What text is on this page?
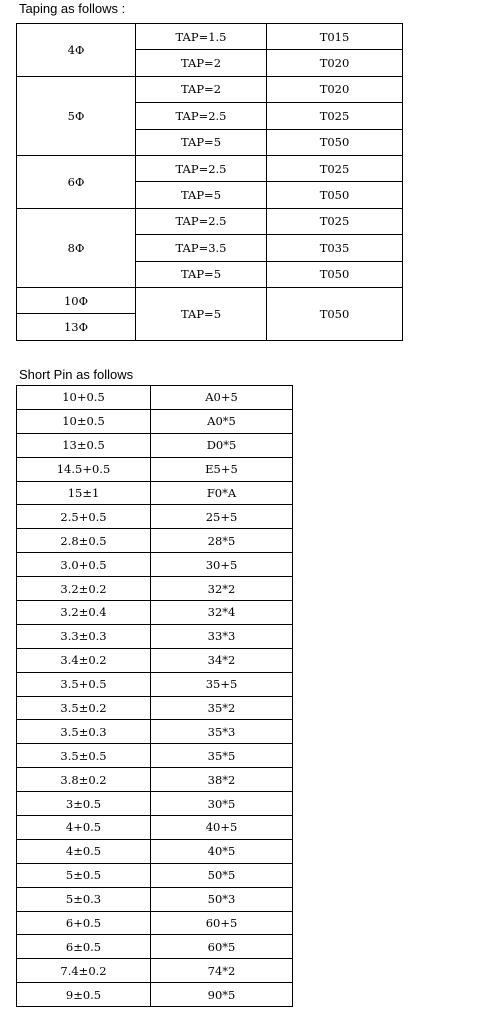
Taping as follows :
4Φ	TAP=1.5	T015
	TAP=2	T020
5Φ	TAP=2	T020
	TAP=2.5	T025
	TAP=5	T050
6Φ	TAP=2.5	T025
	TAP=5	T050
8Φ	TAP=2.5	T025
	TAP=3.5	T035
	TAP=5	T050
10Φ	TAP=5	T050
13Φ		
Short Pin as follows
10+0.5	A0+5
10±0.5	A0*5
13±0.5	D0*5
14.5+0.5	E5+5
15±1	F0*A
2.5+0.5	25+5
2.8±0.5	28*5
3.0+0.5	30+5
3.2±0.2	32*2
3.2±0.4	32*4
3.3±0.3	33*3
3.4±0.2	34*2
3.5+0.5	35+5
3.5±0.2	35*2
3.5±0.3	35*3
3.5±0.5	35*5
3.8±0.2	38*2
3±0.5	30*5
4+0.5	40+5
4±0.5	40*5
5±0.5	50*5
5±0.3	50*3
6+0.5	60+5
6±0.5	60*5
7.4±0.2	74*2
9±0.5	90*5
